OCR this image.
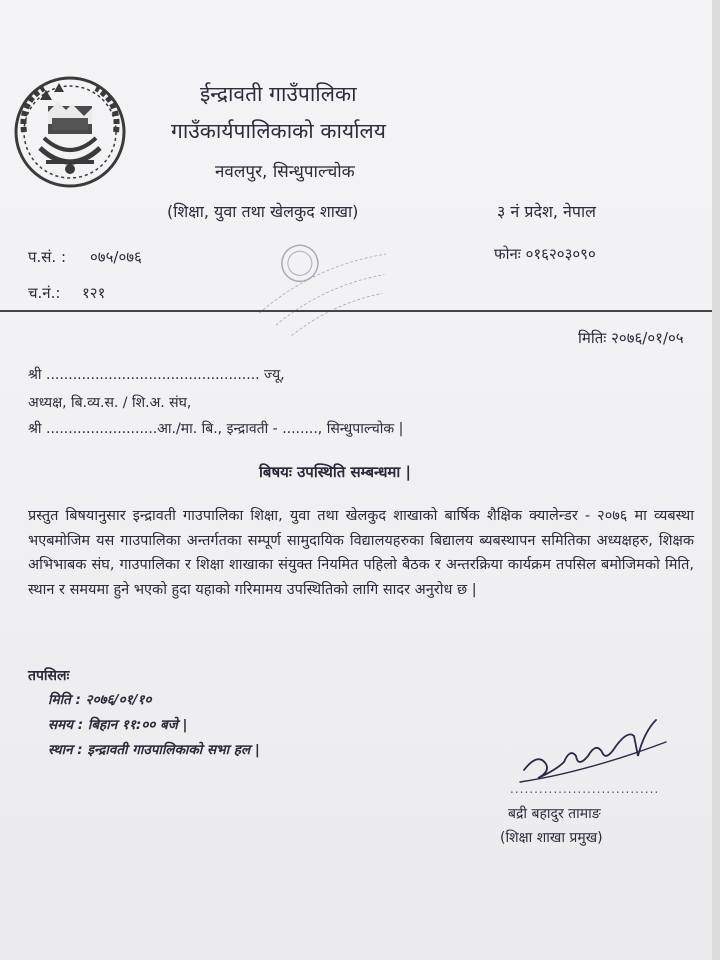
ईन्द्रावती गाउँपालिका
गाउँकार्यपालिकाको कार्यालय
नवलपुर, सिन्धुपाल्चोक
(शिक्षा, युवा तथा खेलकुद शाखा)	३ नं प्रदेश, नेपाल
प.सं. : ०७५/०७६	फोनः ०१६२०३०९०
च.नं.: १२१
मितिः २०७६/०१/०५
श्री ................................................ ज्यू,
अध्यक्ष, बि.व्य.स. / शि.अ. संघ,
श्री .........................आ./मा. बि., इन्द्रावती - ........, सिन्धुपाल्चोक |
बिषयः उपस्थिति सम्बन्धमा |
प्रस्तुत बिषयानुसार इन्द्रावती गाउपालिका शिक्षा, युवा तथा खेलकुद शाखाको बार्षिक शैक्षिक क्यालेन्डर - २०७६ मा व्यबस्था भएबमोजिम यस गाउपालिका अन्तर्गतका सम्पूर्ण सामुदायिक विद्यालयहरुका बिद्यालय ब्यबस्थापन समितिका अध्यक्षहरु, शिक्षक अभिभाबक संघ, गाउपालिका र शिक्षा शाखाका संयुक्त नियमित पहिलो बैठक र अन्तरक्रिया कार्यक्रम तपसिल बमोजिमको मिति, स्थान र समयमा हुने भएको हुदा यहाको गरिमामय उपस्थितिको लागि सादर अनुरोध छ |
तपसिलः
मिति : २०७६/०१/१०
समय : बिहान ११:०० बजे |
स्थान : इन्द्रावती गाउपालिकाको सभा हल |
...............................
बद्री बहादुर तामाङ
(शिक्षा शाखा प्रमुख)
